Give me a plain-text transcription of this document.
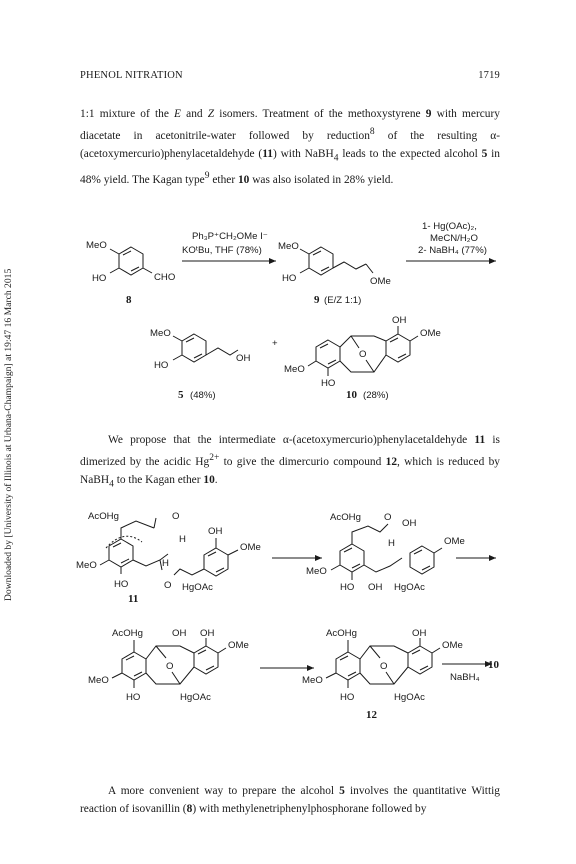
Downloaded by [University of Illinois at Urbana-Champaign] at 19:47 16 March 2015
PHENOL NITRATION	1719

1:1 mixture of the E and Z isomers. Treatment of the methoxystyrene 9 with mercury diacetate in acetonitrile-water followed by reduction$^8$ of the resulting α-(acetoxymercurio)phenylacetaldehyde (11) with NaBH$_4$ leads to the expected alcohol 5 in 48% yield. The Kagan type$^9$ ether 10 was also isolated in 28% yield.

MeO
HO	CHO
8
Ph₃P⁺CH₂OMe I⁻
KOᵗBu, THF (78%) MeO
HO	OMe
9 (E/Z 1:1)
1- Hg(OAc)₂,
MeCN/H₂O
2- NaBH₄ (77%)
MeO
HO
OH
5 (48%)
+
O
OH
OMe
MeO
HO
10 (28%)

We propose that the intermediate α-(acetoxymercurio)phenylacetaldehyde 11 is dimerized by the acidic $Hg^{2+}$ to give the dimercurio compound 12, which is reduced by NaBH$_4$ to the Kagan ether 10.

AcOHg	O
H
MeO
HO
H
O HgOAc
OH
OMe
11
AcOHg O
OH
H	OMe
MeO
HO OH HgOAc
AcOHg	OH OH
OMe
O
MeO
HO	HgOAc
AcOHg	OH
OMe
O
MeO
HO	HgOAc
12
NaBH₄
10

A more convenient way to prepare the alcohol 5 involves the quantitative Wittig reaction of isovanillin (8) with methylenetriphenylphosphorane followed by
